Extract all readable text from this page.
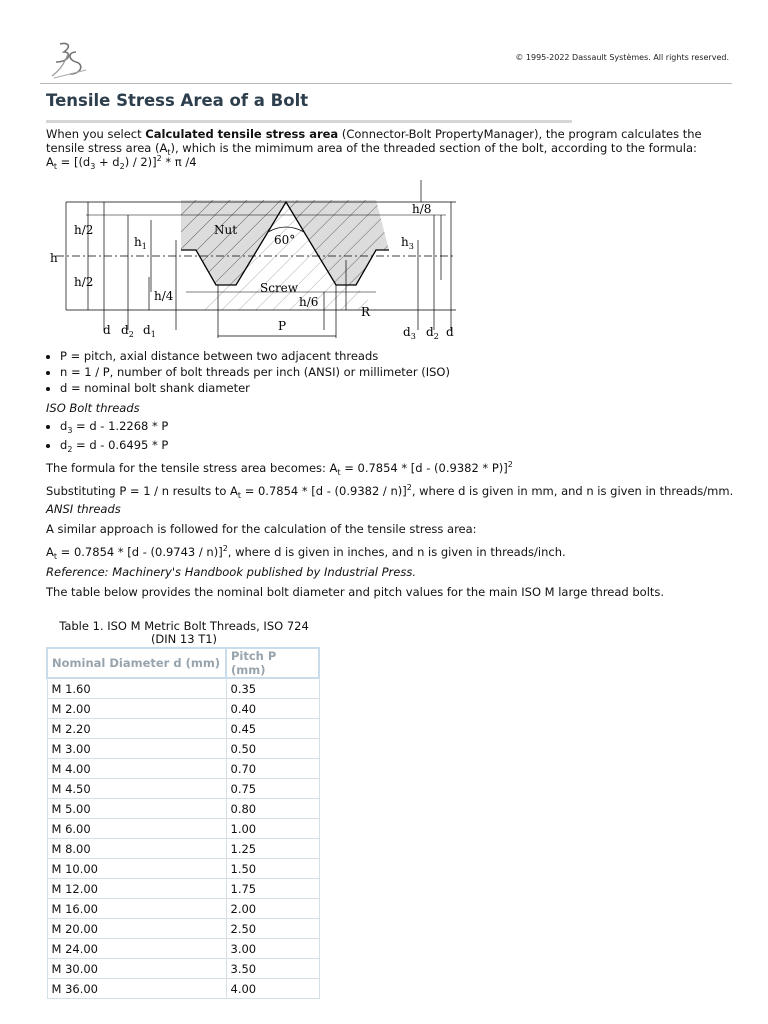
© 1995-2022 Dassault Systèmes. All rights reserved.
Tensile Stress Area of a Bolt

When you select Calculated tensile stress area (Connector-Bolt PropertyManager), the program calculates the tensile stress area $(A_t)$, which is the mimimum area of the threaded section of the bolt, according to the formula:
$A_t = [(d_3 + d_2) / 2)]^2 * \pi$ /4

h/8
h/2
h/2
h
$h_1$
h/4
Nut
60°
Screw
h/6
R
$h_3$
d $d_2$ $d_1$
P	$d_3$ $d_2$ d
• P = pitch, axial distance between two adjacent threads
• n = 1 / P, number of bolt threads per inch (ANSI) or millimeter (ISO)
• d = nominal bolt shank diameter

ISO Bolt threads

• $d_3 = d - 1.2268 * P$
• $d_2 = d - 0.6495 * P$

The formula for the tensile stress area becomes: $A_t = 0.7854 * [d - (0.9382 * P)]^2$

Substituting P = 1 / n results to $A_t = 0.7854 * [d - (0.9382 / n)]^2$, where d is given in mm, and n is given in threads/mm.

ANSI threads

A similar approach is followed for the calculation of the tensile stress area:

$A_t = 0.7854 * [d - (0.9743 / n)]^2$, where d is given in inches, and n is given in threads/inch.

Reference: Machinery's Handbook published by Industrial Press.

The table below provides the nominal bolt diameter and pitch values for the main ISO M large thread bolts.

Table 1. ISO M Metric Bolt Threads, ISO 724
(DIN 13 T1)
Nominal Diameter d (mm)	Pitch P (mm)
M 1.60	0.35
M 2.00	0.40
M 2.20	0.45
M 3.00	0.50
M 4.00	0.70
M 4.50	0.75
M 5.00	0.80
M 6.00	1.00
M 8.00	1.25
M 10.00	1.50
M 12.00	1.75
M 16.00	2.00
M 20.00	2.50
M 24.00	3.00
M 30.00	3.50
M 36.00	4.00
